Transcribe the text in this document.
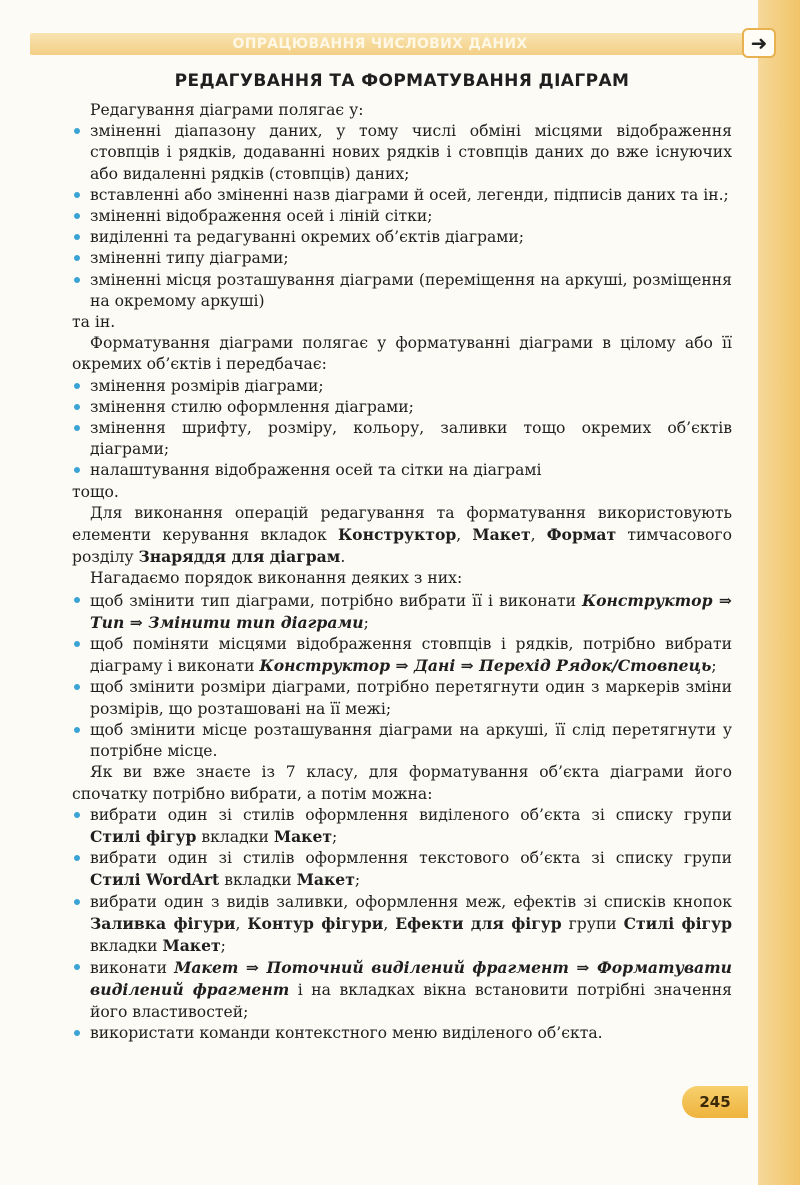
ОПРАЦЮВАННЯ ЧИСЛОВИХ ДАНИХ	➜
РЕДАГУВАННЯ ТА ФОРМАТУВАННЯ ДІАГРАМ

Редагування діаграми полягає у:

зміненні діапазону даних, у тому числі обміні місцями відображення стовпців і рядків, додаванні нових рядків і стовпців даних до вже існуючих або видаленні рядків (стовпців) даних;
вставленні або зміненні назв діаграми й осей, легенди, підписів даних та ін.;
зміненні відображення осей і ліній сітки;
виділенні та редагуванні окремих об’єктів діаграми;
зміненні типу діаграми;
зміненні місця розташування діаграми (переміщення на аркуші, розміщення на окремому аркуші)

та ін.

Форматування діаграми полягає у форматуванні діаграми в цілому або її окремих об’єктів і передбачає:

змінення розмірів діаграми;
змінення стилю оформлення діаграми;
змінення шрифту, розміру, кольору, заливки тощо окремих об’єктів діаграми;
налаштування відображення осей та сітки на діаграмі

тощо.

Для виконання операцій редагування та форматування використовують елементи керування вкладок Конструктор, Макет, Формат тимчасового розділу Знаряддя для діаграм.

Нагадаємо порядок виконання деяких з них:

щоб змінити тип діаграми, потрібно вибрати її і виконати Конструктор ⇒ Тип ⇒ Змінити тип діаграми;
щоб поміняти місцями відображення стовпців і рядків, потрібно вибрати діаграму і виконати Конструктор ⇒ Дані ⇒ Перехід Рядок/Стовпець;
щоб змінити розміри діаграми, потрібно перетягнути один з маркерів зміни розмірів, що розташовані на її межі;
щоб змінити місце розташування діаграми на аркуші, її слід перетягнути у потрібне місце.

Як ви вже знаєте із 7 класу, для форматування об’єкта діаграми його спочатку потрібно вибрати, а потім можна:

вибрати один зі стилів оформлення виділеного об’єкта зі списку групи Стилі фігур вкладки Макет;
вибрати один зі стилів оформлення текстового об’єкта зі списку групи Стилі WordArt вкладки Макет;
вибрати один з видів заливки, оформлення меж, ефектів зі списків кнопок Заливка фігури, Контур фігури, Ефекти для фігур групи Стилі фігур вкладки Макет;
виконати Макет ⇒ Поточний виділений фрагмент ⇒ Форматувати виділений фрагмент і на вкладках вікна встановити потрібні значення його властивостей;
використати команди контекстного меню виділеного об’єкта.
245
